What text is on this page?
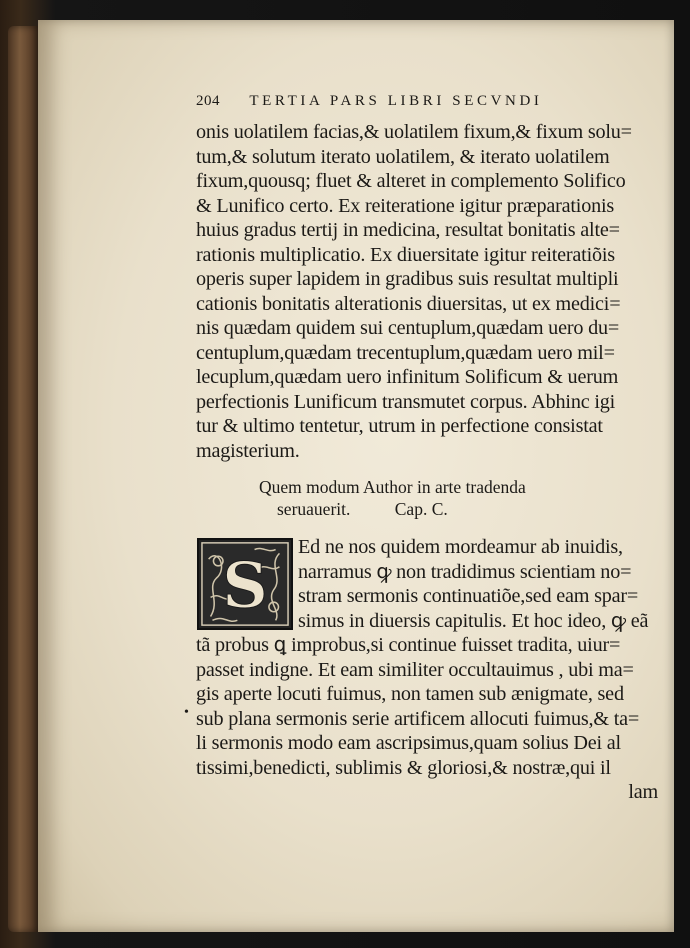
204 TERTIA PARS LIBRI SECVNDI
onis uolatilem facias,& uolatilem fixum,& fixum solu=
tum,& solutum iterato uolatilem, & iterato uolatilem
fixum,quousq; fluet & alteret in complemento Solifico
& Lunifico certo. Ex reiteratione igitur præparationis
huius gradus tertij in medicina, resultat bonitatis alte=
rationis multiplicatio. Ex diuersitate igitur reiteratiõis
operis super lapidem in gradibus suis resultat multipli
cationis bonitatis alterationis diuersitas, ut ex medici=
nis quædam quidem sui centuplum,quædam uero du=
centuplum,quædam trecentuplum,quædam uero mil=
lecuplum,quædam uero infinitum Solificum & uerum
perfectionis Lunificum transmutet corpus. Abhinc igi
tur & ultimo tentetur, utrum in perfectione consistat
magisterium.
Quem modum Author in arte tradenda
seruauerit.	Cap. C.
S
Ed ne nos quidem mordeamur ab inuidis,
narramus ꝙ non tradidimus scientiam no=
stram sermonis continuatiõe,sed eam spar=
simus in diuersis capitulis. Et hoc ideo, ꝙ eã
tã probus ꝗ improbus,si continue fuisset tradita, uiur=
passet indigne. Et eam similiter occultauimus , ubi ma=
gis aperte locuti fuimus, non tamen sub ænigmate, sed
sub plana sermonis serie artificem allocuti fuimus,& ta=
li sermonis modo eam ascripsimus,quam solius Dei al
tissimi,benedicti, sublimis & gloriosi,& nostræ,qui il
lam
•
